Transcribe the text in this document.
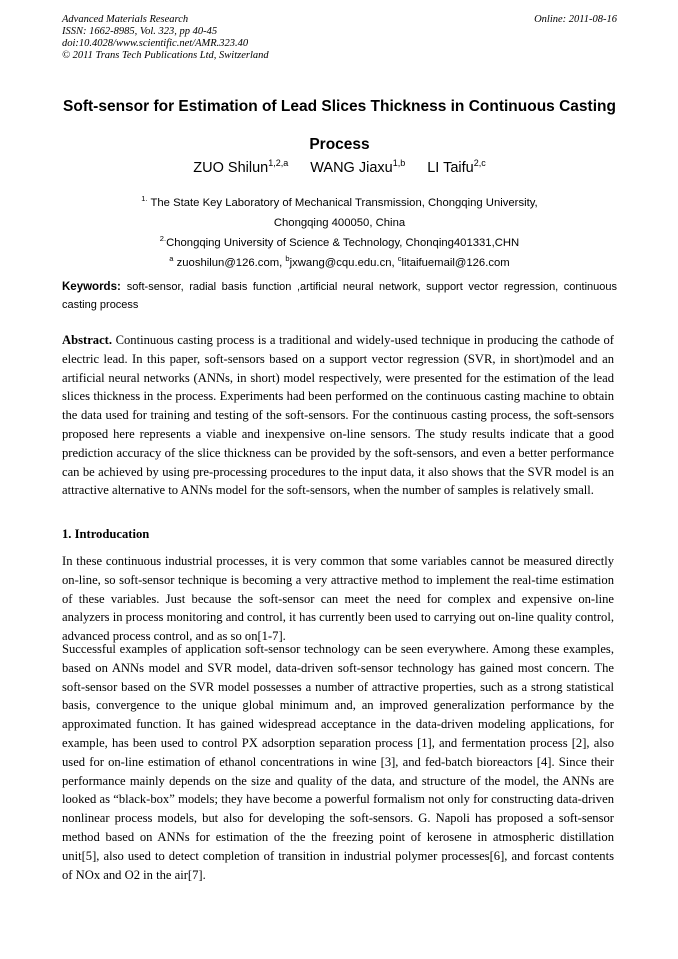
Advanced Materials Research
ISSN: 1662-8985, Vol. 323, pp 40-45
doi:10.4028/www.scientific.net/AMR.323.40
© 2011 Trans Tech Publications Ltd, Switzerland
Online: 2011-08-16
Soft-sensor for Estimation of Lead Slices Thickness in Continuous Casting Process
ZUO Shilun$^{1,2,a}$ WANG Jiaxu$^{1,b}$ LI Taifu$^{2,c}$
$^{1.}$ The State Key Laboratory of Mechanical Transmission, Chongqing University,
Chongqing 400050, China
$^{2.}$Chongqing University of Science & Technology, Chonqing401331,CHN
$^a$ zuoshilun@126.com, $^b$jxwang@cqu.edu.cn, $^c$litaifuemail@126.com
Keywords: soft-sensor, radial basis function ,artificial neural network, support vector regression, continuous casting process
Abstract. Continuous casting process is a traditional and widely-used technique in producing the cathode of electric lead. In this paper, soft-sensors based on a support vector regression (SVR, in short)model and an artificial neural networks (ANNs, in short) model respectively, were presented for the estimation of the lead slices thickness in the process. Experiments had been performed on the continuous casting machine to obtain the data used for training and testing of the soft-sensors. For the continuous casting process, the soft-sensors proposed here represents a viable and inexpensive on-line sensors. The study results indicate that a good prediction accuracy of the slice thickness can be provided by the soft-sensors, and even a better performance can be achieved by using pre-processing procedures to the input data, it also shows that the SVR model is an attractive alternative to ANNs model for the soft-sensors, when the number of samples is relatively small.
1. Introducation
In these continuous industrial processes, it is very common that some variables cannot be measured directly on-line, so soft-sensor technique is becoming a very attractive method to implement the real-time estimation of these variables. Just because the soft-sensor can meet the need for complex and expensive on-line analyzers in process monitoring and control, it has currently been used to carrying out on-line quality control, advanced process control, and as so on[1-7].
Successful examples of application soft-sensor technology can be seen everywhere. Among these examples, based on ANNs model and SVR model, data-driven soft-sensor technology has gained most concern. The soft-sensor based on the SVR model possesses a number of attractive properties, such as a strong statistical basis, convergence to the unique global minimum and, an improved generalization performance by the approximated function. It has gained widespread acceptance in the data-driven modeling applications, for example, has been used to control PX adsorption separation process [1], and fermentation process [2], also used for on-line estimation of ethanol concentrations in wine [3], and fed-batch bioreactors [4]. Since their performance mainly depends on the size and quality of the data, and structure of the model, the ANNs are looked as “black-box” models; they have become a powerful formalism not only for constructing data-driven nonlinear process models, but also for developing the soft-sensors. G. Napoli has proposed a soft-sensor method based on ANNs for estimation of the the freezing point of kerosene in atmospheric distillation unit[5], also used to detect completion of transition in industrial polymer processes[6], and forcast contents of NOx and O2 in the air[7].
